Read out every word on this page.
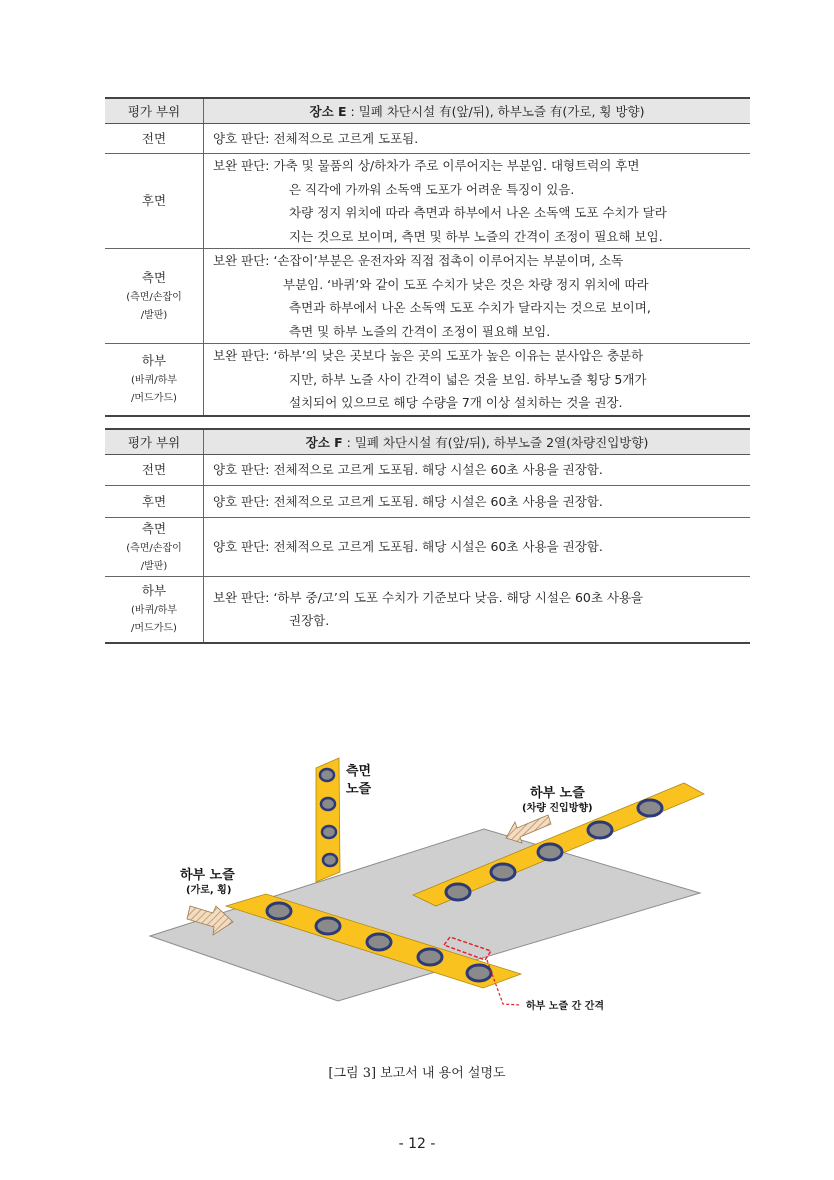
평가 부위	장소 E : 밀폐 차단시설 有(앞/뒤), 하부노즐 有(가로, 횡 방향)

전면	양호 판단: 전체적으로 고르게 도포됨.

후면	보완 판단: 가축 및 물품의 상/하차가 주로 이루어지는 부분임. 대형트럭의 후면
은 직각에 가까워 소독액 도포가 어려운 특징이 있음.
차량 정지 위치에 따라 측면과 하부에서 나온 소독액 도포 수치가 달라
지는 것으로 보이며, 측면 및 하부 노즐의 간격이 조정이 필요해 보임.

측면
(측면/손잡이
/발판)	보완 판단: ‘손잡이’부분은 운전자와 직접 접촉이 이루어지는 부분이며, 소독
부분임. ‘바퀴’와 같이 도포 수치가 낮은 것은 차량 정지 위치에 따라
측면과 하부에서 나온 소독액 도포 수치가 달라지는 것으로 보이며,
측면 및 하부 노즐의 간격이 조정이 필요해 보임.

하부
(바퀴/하부
/머드가드)	보완 판단: ‘하부’의 낮은 곳보다 높은 곳의 도포가 높은 이유는 분사압은 충분하
지만, 하부 노즐 사이 간격이 넓은 것을 보임. 하부노즐 횡당 5개가
설치되어 있으므로 해당 수량을 7개 이상 설치하는 것을 권장.
평가 부위	장소 F : 밀폐 차단시설 有(앞/뒤), 하부노즐 2열(차량진입방향)

전면	양호 판단: 전체적으로 고르게 도포됨. 해당 시설은 60초 사용을 권장함.

후면	양호 판단: 전체적으로 고르게 도포됨. 해당 시설은 60초 사용을 권장함.

측면
(측면/손잡이
/발판)	양호 판단: 전체적으로 고르게 도포됨. 해당 시설은 60초 사용을 권장함.

하부
(바퀴/하부
/머드가드)	보완 판단: ‘하부 중/고’의 도포 수치가 기준보다 낮음. 해당 시설은 60초 사용을
권장함.
측면
노즐	하부 노즐
(차량 진입방향)
하부 노즐
(가로, 횡)
하부 노즐 간 간격
[그림 3] 보고서 내 용어 설명도
- 12 -
